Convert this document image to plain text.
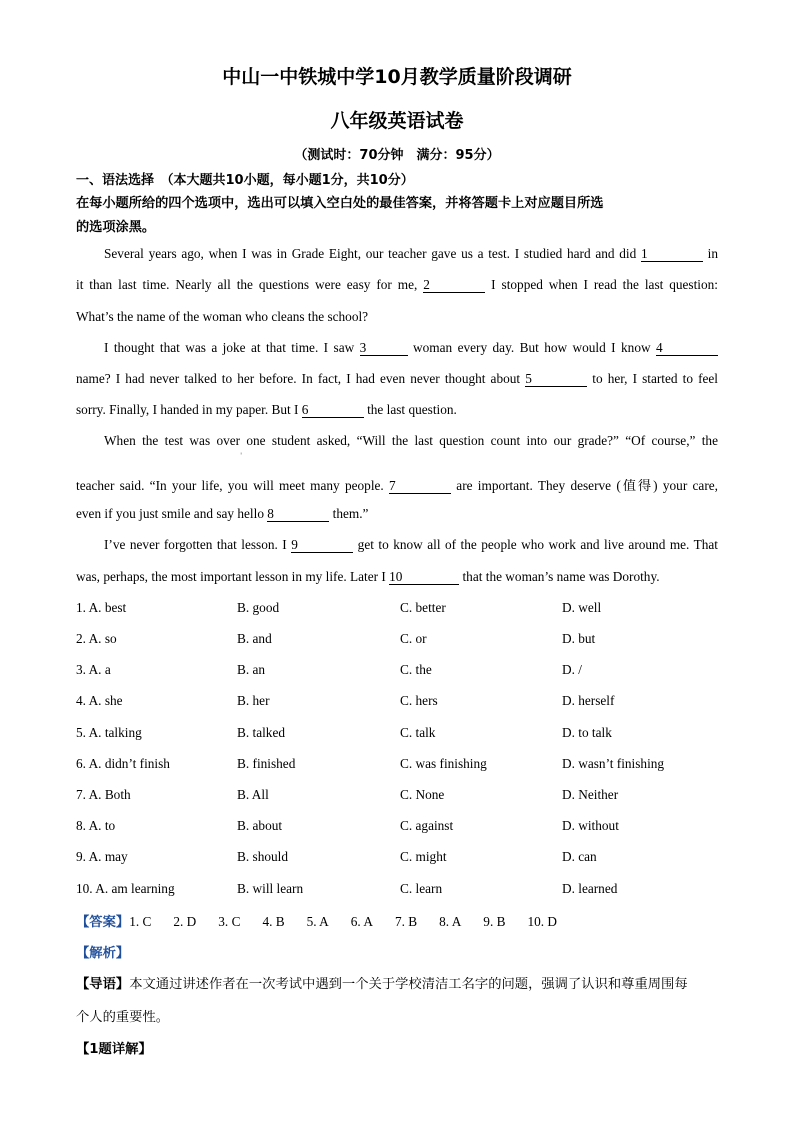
中山一中铁城中学10月教学质量阶段调研
八年级英语试卷
（测试时：70分钟　满分：95分）
一、语法选择　（本大题共10小题，每小题1分，共10分）
在每小题所给的四个选项中，选出可以填入空白处的最佳答案，并将答题卡上对应题目所选
的选项涂黑。
Several years ago, when I was in Grade Eight, our teacher gave us a test. I studied hard and did 1	in
it than last time. Nearly all the questions were easy for me, 2	I stopped when I read the last question:
What’s the name of the woman who cleans the school?
I thought that was a joke at that time. I saw 3	woman every day. But how would I know 4
name? I had never talked to her before. In fact, I had even never thought about 5	to her, I started to feel
sorry. Finally, I handed in my paper. But I 6	the last question.
When the test was over one student asked, “Will the last question count into our grade?” “Of course,” the
ˈ
teacher said. “In your life, you will meet many people. 7	are important. They deserve (值得) your care,
even if you just smile and say hello 8	them.”
I’ve never forgotten that lesson. I 9	get to know all of the people who work and live around me. That
was, perhaps, the most important lesson in my life. Later I 10	that the woman’s name was Dorothy.
1. A. best	B. good	C. better	D. well
2. A. so	B. and	C. or	D. but
3. A. a	B. an	C. the	D. /
4. A. she	B. her	C. hers	D. herself
5. A. talking	B. talked	C. talk	D. to talk
6. A. didn’t finish	B. finished	C. was finishing	D. wasn’t finishing
7. A. Both	B. All	C. None	D. Neither
8. A. to	B. about	C. against	D. without
9. A. may	B. should	C. might	D. can
10. A. am learning	B. will learn	C. learn	D. learned
【答案】1. C 2. D 3. C 4. B 5. A 6. A 7. B 8. A 9. B 10. D
【解析】
【导语】本文通过讲述作者在一次考试中遇到一个关于学校清洁工名字的问题，强调了认识和尊重周围每
个人的重要性。
【1题详解】
